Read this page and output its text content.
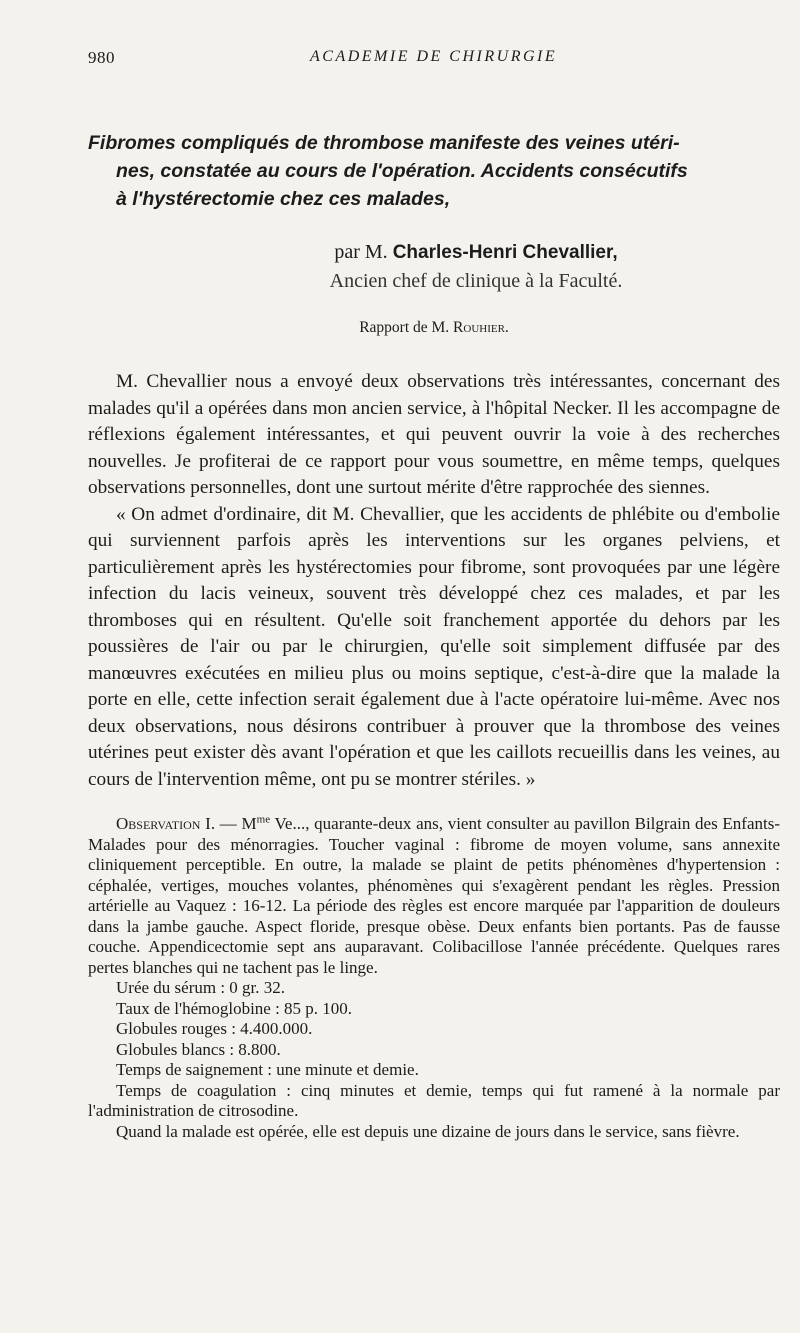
980	ACADEMIE DE CHIRURGIE
Fibromes compliqués de thrombose manifeste des veines utéri-
nes, constatée au cours de l'opération. Accidents consécutifs
à l'hystérectomie chez ces malades,
par M. Charles-Henri Chevallier,
Ancien chef de clinique à la Faculté.
Rapport de M. Rouhier.

M. Chevallier nous a envoyé deux observations très intéressantes, concernant des malades qu'il a opérées dans mon ancien service, à l'hôpital Necker. Il les accompagne de réflexions également intéressantes, et qui peuvent ouvrir la voie à des recherches nouvelles. Je profiterai de ce rapport pour vous soumettre, en même temps, quelques observations personnelles, dont une surtout mérite d'être rapprochée des siennes.

« On admet d'ordinaire, dit M. Chevallier, que les accidents de phlébite ou d'embolie qui surviennent parfois après les interventions sur les organes pelviens, et particulièrement après les hystérectomies pour fibrome, sont provoquées par une légère infection du lacis veineux, souvent très développé chez ces malades, et par les thromboses qui en résultent. Qu'elle soit franchement apportée du dehors par les poussières de l'air ou par le chirurgien, qu'elle soit simplement diffusée par des manœuvres exécutées en milieu plus ou moins septique, c'est-à-dire que la malade la porte en elle, cette infection serait également due à l'acte opératoire lui-même. Avec nos deux observations, nous désirons contribuer à prouver que la thrombose des veines utérines peut exister dès avant l'opération et que les caillots recueillis dans les veines, au cours de l'intervention même, ont pu se montrer stériles. »

Observation I. — $M^{me}$ Ve..., quarante-deux ans, vient consulter au pavillon Bilgrain des Enfants-Malades pour des ménorragies. Toucher vaginal : fibrome de moyen volume, sans annexite cliniquement perceptible. En outre, la malade se plaint de petits phénomènes d'hypertension : céphalée, vertiges, mouches volantes, phénomènes qui s'exagèrent pendant les règles. Pression artérielle au Vaquez : 16-12. La période des règles est encore marquée par l'apparition de douleurs dans la jambe gauche. Aspect floride, presque obèse. Deux enfants bien portants. Pas de fausse couche. Appendicectomie sept ans auparavant. Colibacillose l'année précédente. Quelques rares pertes blanches qui ne tachent pas le linge.

Urée du sérum : 0 gr. 32.

Taux de l'hémoglobine : 85 p. 100.

Globules rouges : 4.400.000.

Globules blancs : 8.800.

Temps de saignement : une minute et demie.

Temps de coagulation : cinq minutes et demie, temps qui fut ramené à la normale par l'administration de citrosodine.

Quand la malade est opérée, elle est depuis une dizaine de jours dans le service, sans fièvre.
